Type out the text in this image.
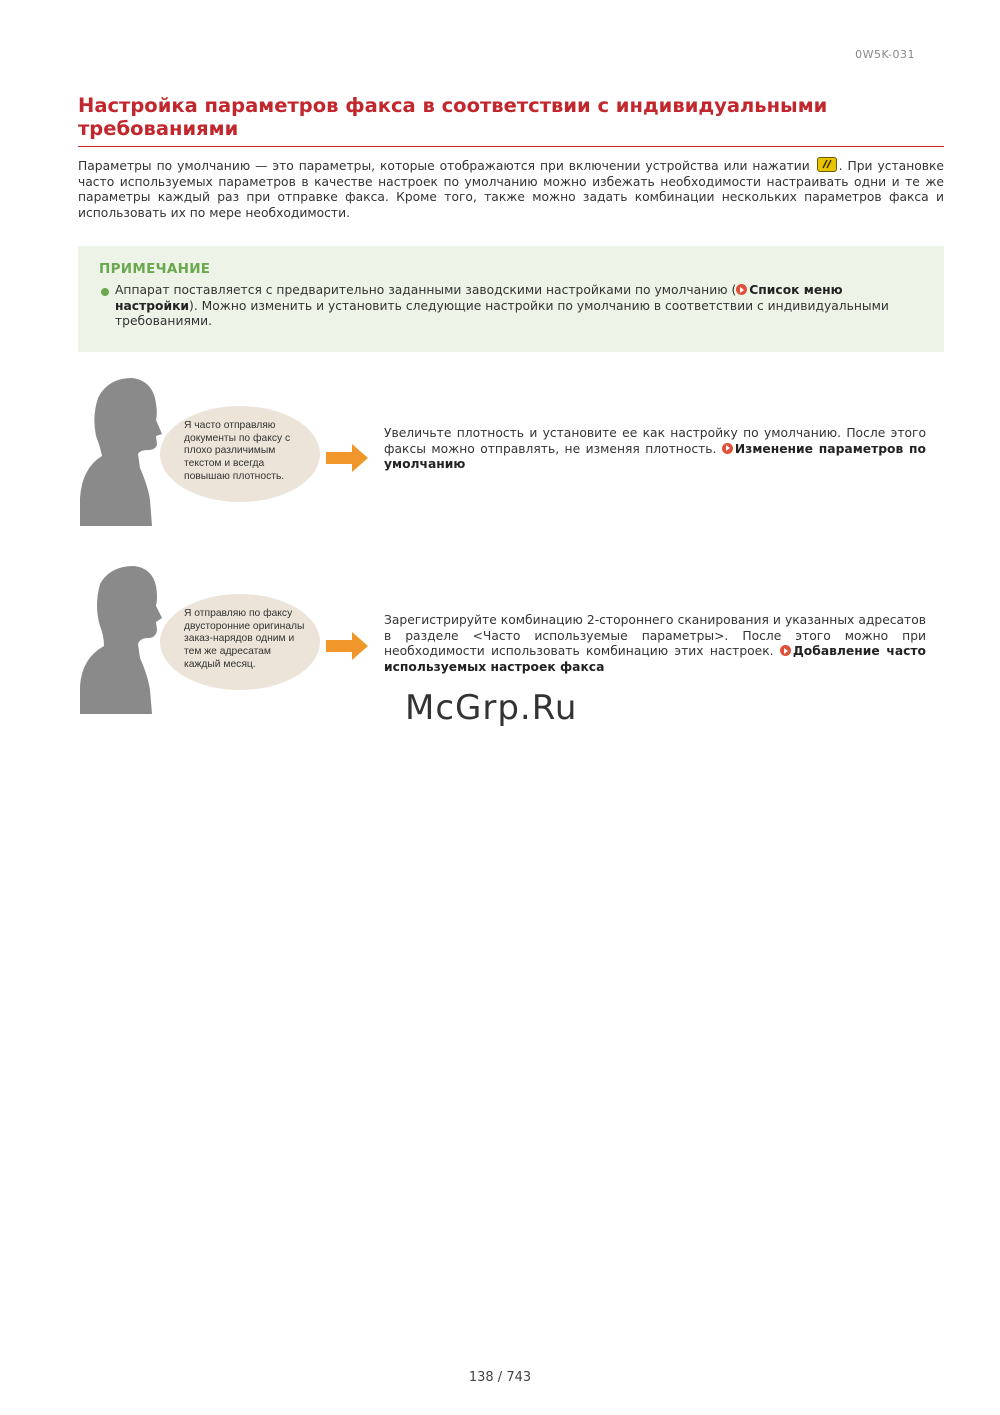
0W5K-031
Настройка параметров факса в соответствии с индивидуальными требованиями
Параметры по умолчанию — это параметры, которые отображаются при включении устройства или нажатии . При установке часто используемых параметров в качестве настроек по умолчанию можно избежать необходимости настраивать одни и те же параметры каждый раз при отправке факса. Кроме того, также можно задать комбинации нескольких параметров факса и использовать их по мере необходимости.
ПРИМЕЧАНИЕ
Аппарат поставляется с предварительно заданными заводскими настройками по умолчанию ( Список меню настройки). Можно изменить и установить следующие настройки по умолчанию в соответствии с индивидуальными требованиями.
Я часто отправляю документы по факсу с плохо различимым текстом и всегда повышаю плотность.
Увеличьте плотность и установите ее как настройку по умолчанию. После этого факсы можно отправлять, не изменяя плотность. Изменение параметров по умолчанию
Я отправляю по факсу двусторонние оригиналы заказ-нарядов одним и тем же адресатам каждый месяц.
Зарегистрируйте комбинацию 2-стороннего сканирования и указанных адресатов в разделе <Часто используемые параметры>. После этого можно при необходимости использовать комбинацию этих настроек. Добавление часто используемых настроек факса
McGrp.Ru
138 / 743
